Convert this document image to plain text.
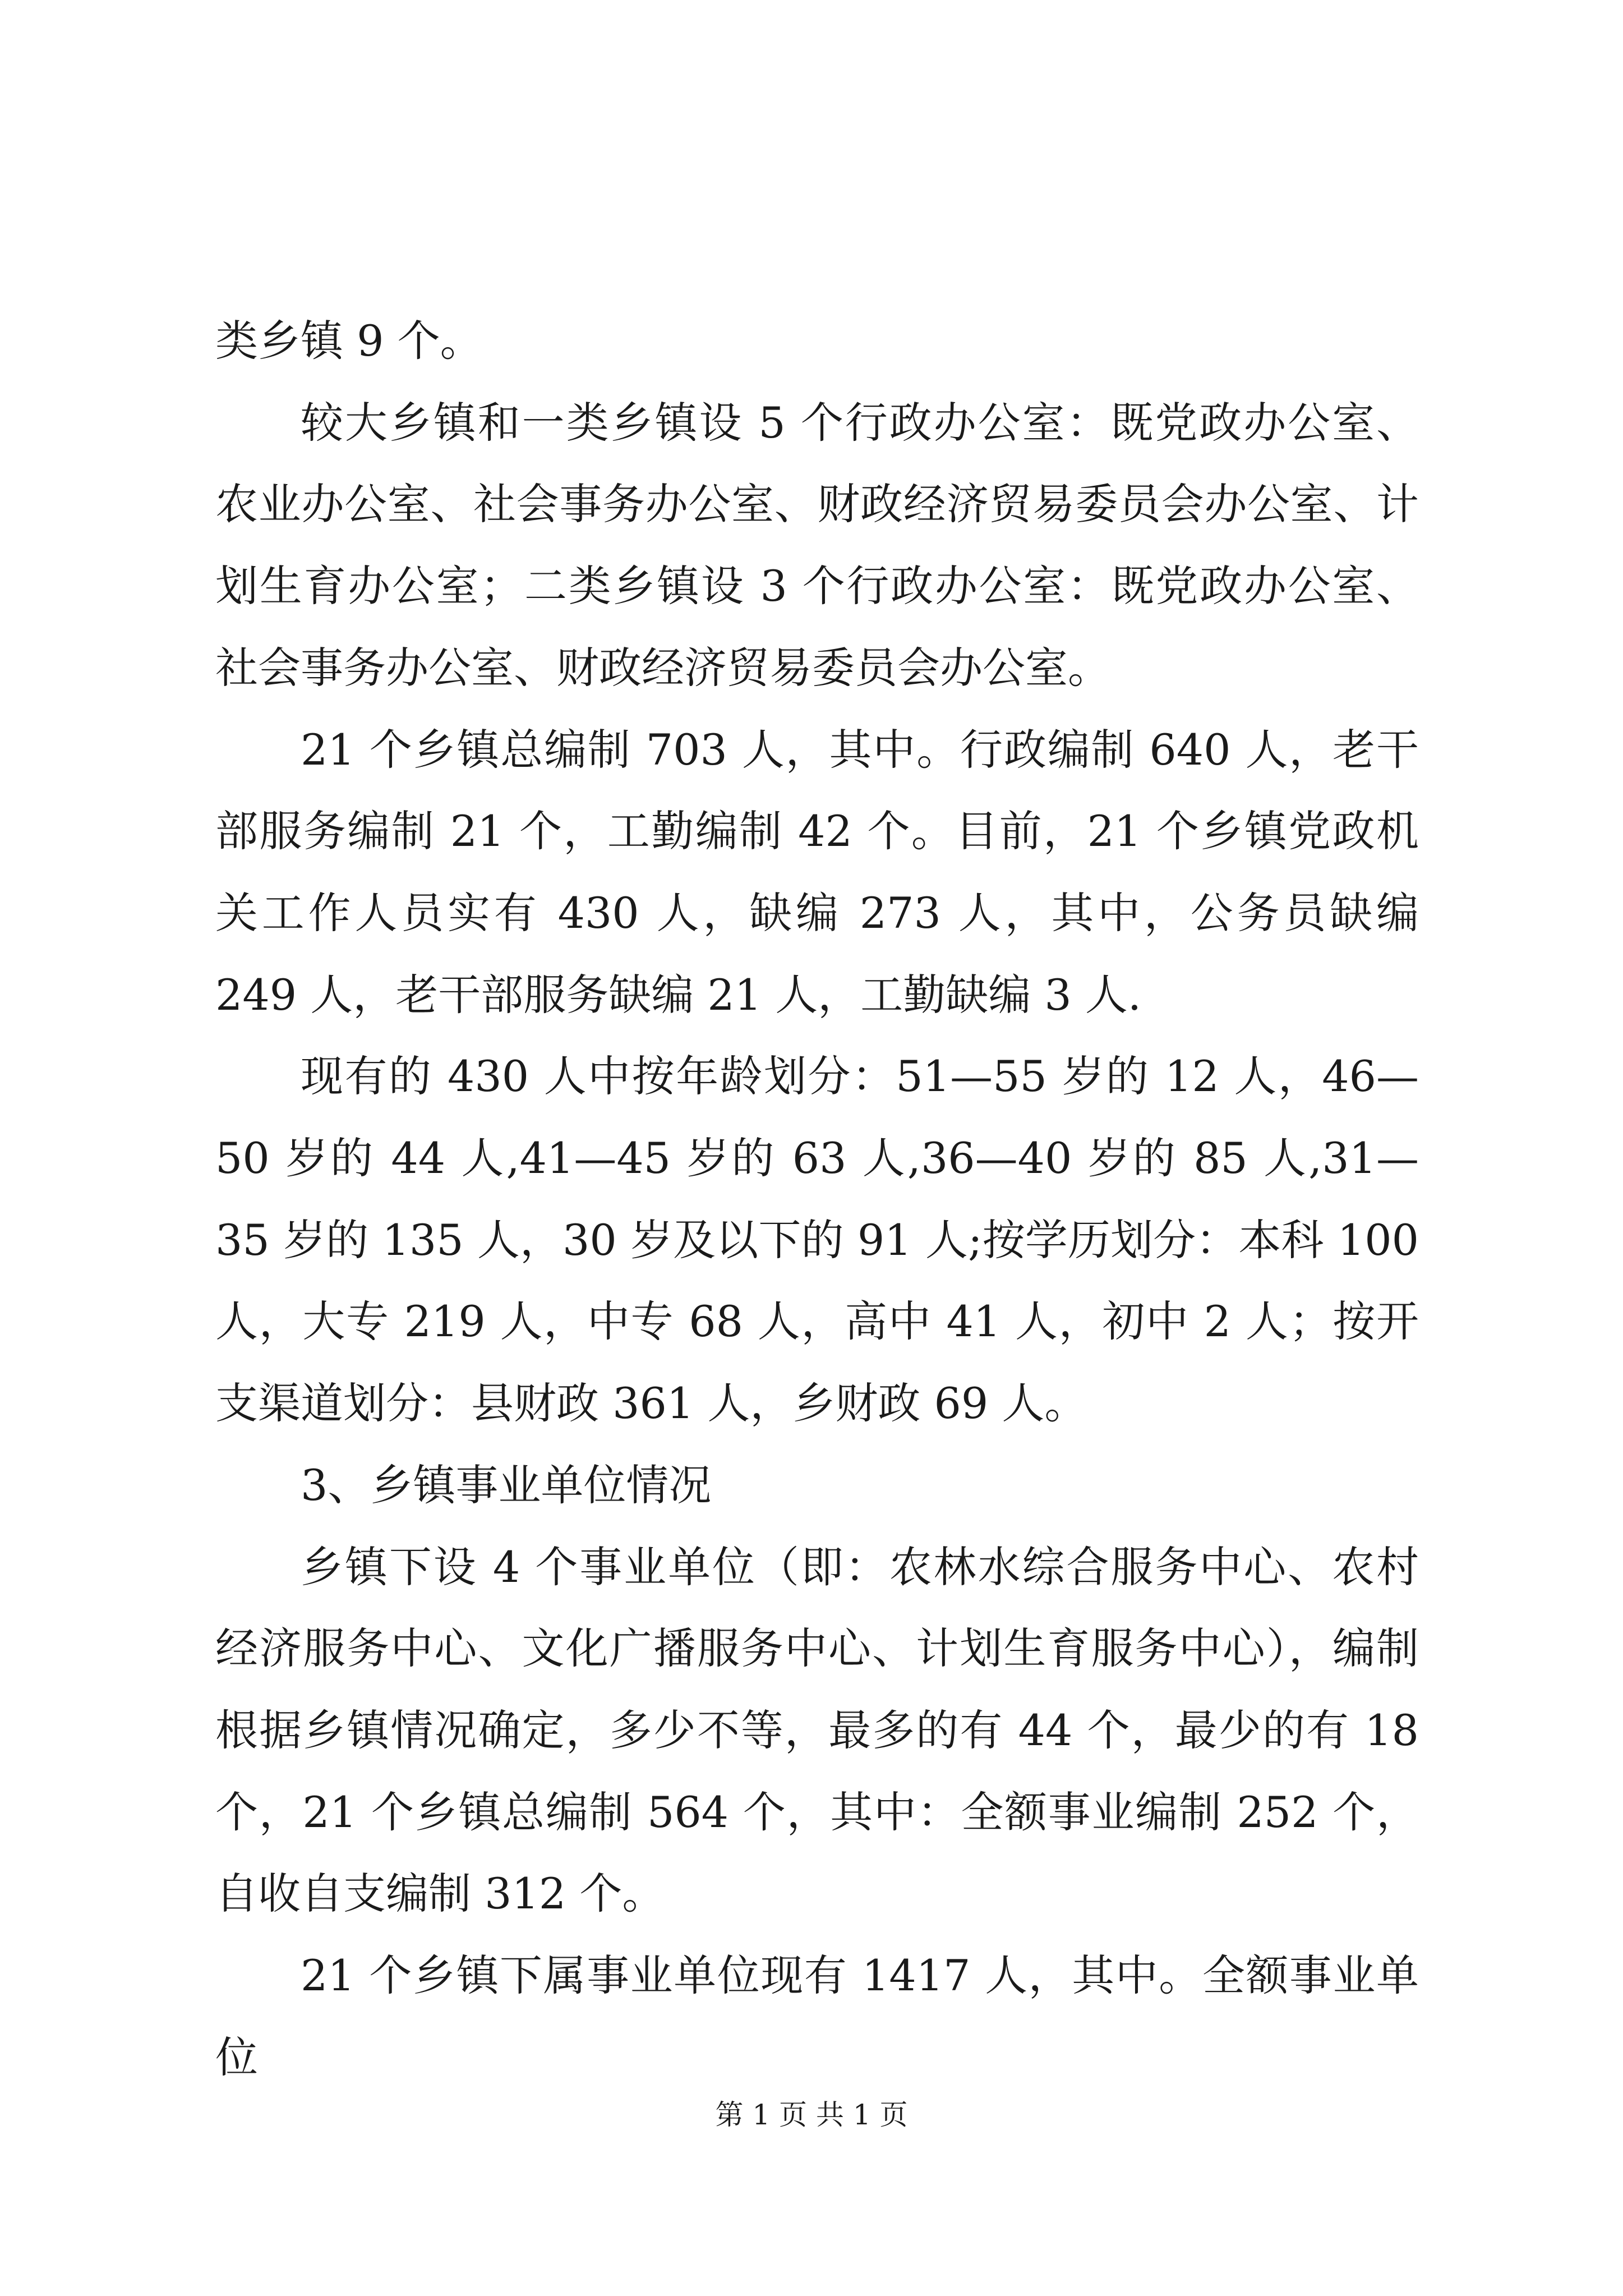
类乡镇 9 个。

较大乡镇和一类乡镇设 5 个行政办公室：既党政办公室、农业办公室、社会事务办公室、财政经济贸易委员会办公室、计划生育办公室；二类乡镇设 3 个行政办公室：既党政办公室、社会事务办公室、财政经济贸易委员会办公室。

21 个乡镇总编制 703 人，其中。行政编制 640 人，老干部服务编制 21 个，工勤编制 42 个。目前，21 个乡镇党政机关工作人员实有 430 人，缺编 273 人，其中，公务员缺编 249 人，老干部服务缺编 21 人，工勤缺编 3 人.

现有的 430 人中按年龄划分：51—55 岁的 12 人，46—50 岁的 44 人,41—45 岁的 63 人,36—40 岁的 85 人,31—35 岁的 135 人，30 岁及以下的 91 人;按学历划分：本科 100 人，大专 219 人，中专 68 人，高中 41 人，初中 2 人；按开支渠道划分：县财政 361 人，乡财政 69 人。

3、乡镇事业单位情况

乡镇下设 4 个事业单位（即：农林水综合服务中心、农村经济服务中心、文化广播服务中心、计划生育服务中心），编制根据乡镇情况确定，多少不等，最多的有 44 个，最少的有 18 个，21 个乡镇总编制 564 个，其中：全额事业编制 252 个，自收自支编制 312 个。

21 个乡镇下属事业单位现有 1417 人，其中。全额事业单位

第 1 页 共 1 页
